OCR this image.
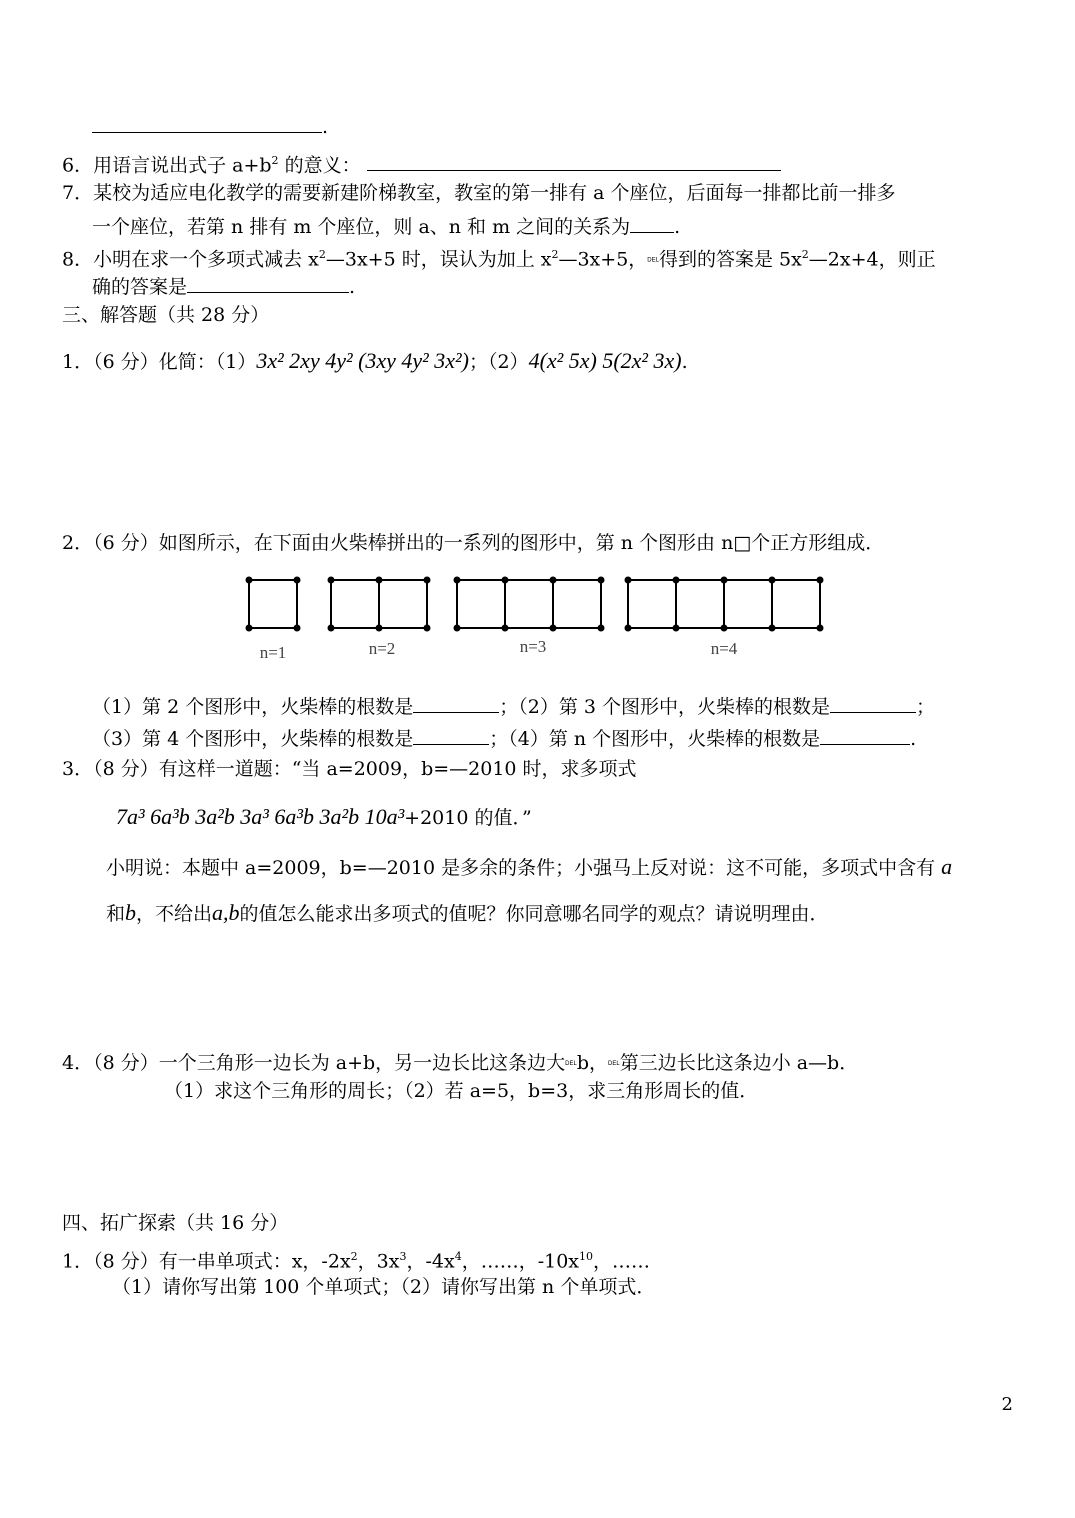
.
6．用语言说出式子 $a+b^2$ 的意义：
7．某校为适应电化教学的需要新建阶梯教室，教室的第一排有 a 个座位，后面每一排都比前一排多
一个座位，若第 n 排有 m 个座位，则 a、n 和 m 之间的关系为 .
8．小明在求一个多项式减去 $x^2—3x+5$ 时，误认为加上 $x^2—3x+5$，DEL得到的答案是 $5x^2—2x+4$，则正
确的答案是	.
三、解答题（共 28 分）
1．（6 分）化简：（1）3x² 2xy 4y² (3xy 4y² 3x²)；（2）4(x² 5x) 5(2x² 3x).
2．（6 分）如图所示，在下面由火柴棒拼出的一系列的图形中，第 n 个图形由 n□个正方形组成．
n=1	n=2	n=3	n=4
（1）第 2 个图形中，火柴棒的根数是	；（2）第 3 个图形中，火柴棒的根数是	；
（3）第 4 个图形中，火柴棒的根数是	；（4）第 n 个图形中，火柴棒的根数是	.
3．（8 分）有这样一道题：“当 a=2009，b=—2010 时，求多项式
7a³ 6a³b 3a²b 3a³ 6a³b 3a²b 10a³+2010 的值．”
小明说：本题中 a=2009，b=—2010 是多余的条件；小强马上反对说：这不可能，多项式中含有 a
和b，不给出a,b的值怎么能求出多项式的值呢？你同意哪名同学的观点？请说明理由．
4．（8 分）一个三角形一边长为 a+b，另一边长比这条边大DELb，DEL第三边长比这条边小 a—b．
（1）求这个三角形的周长；（2）若 a=5，b=3，求三角形周长的值．
四、拓广探索（共 16 分）
1．（8 分）有一串单项式：x，$-2x^2$，$3x^3$，$-4x^4$，……，$-10x^{10}$，……
（1）请你写出第 100 个单项式；（2）请你写出第 n 个单项式．
2
